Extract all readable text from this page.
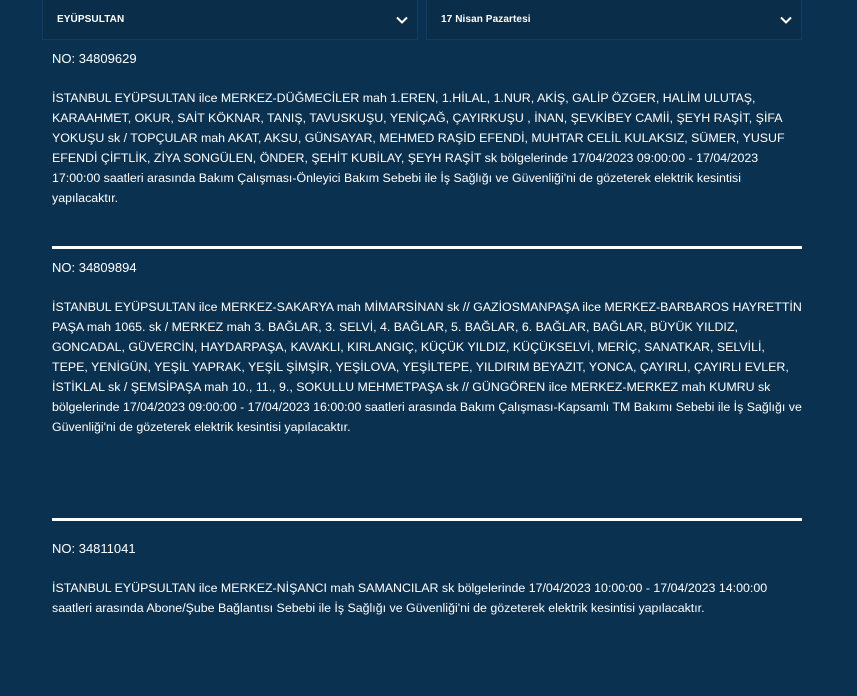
EYÜPSULTAN	17 Nisan Pazartesi
NO: 34809629

İSTANBUL EYÜPSULTAN ilce MERKEZ-DÜĞMECİLER mah 1.EREN, 1.HİLAL, 1.NUR, AKİŞ, GALİP ÖZGER, HALİM ULUTAŞ, KARAAHMET, OKUR, SAİT KÖKNAR, TANIŞ, TAVUSKUŞU, YENİÇAĞ, ÇAYIRKUŞU , İNAN, ŞEVKİBEY CAMİİ, ŞEYH RAŞİT, ŞİFA YOKUŞU sk / TOPÇULAR mah AKAT, AKSU, GÜNSAYAR, MEHMED RAŞİD EFENDİ, MUHTAR CELİL KULAKSIZ, SÜMER, YUSUF EFENDİ ÇİFTLİK, ZİYA SONGÜLEN, ÖNDER, ŞEHİT KUBİLAY, ŞEYH RAŞİT sk bölgelerinde 17/04/2023 09:00:00 - 17/04/2023 17:00:00 saatleri arasında Bakım Çalışması-Önleyici Bakım Sebebi ile İş Sağlığı ve Güvenliği'ni de gözeterek elektrik kesintisi yapılacaktır.

NO: 34809894

İSTANBUL EYÜPSULTAN ilce MERKEZ-SAKARYA mah MİMARSİNAN sk // GAZİOSMANPAŞA ilce MERKEZ-BARBAROS HAYRETTİN PAŞA mah 1065. sk / MERKEZ mah 3. BAĞLAR, 3. SELVİ, 4. BAĞLAR, 5. BAĞLAR, 6. BAĞLAR, BAĞLAR, BÜYÜK YILDIZ, GONCADAL, GÜVERCİN, HAYDARPAŞA, KAVAKLI, KIRLANGIÇ, KÜÇÜK YILDIZ, KÜÇÜKSELVİ, MERİÇ, SANATKAR, SELVİLİ, TEPE, YENİGÜN, YEŞİL YAPRAK, YEŞİL ŞİMŞİR, YEŞİLOVA, YEŞİLTEPE, YILDIRIM BEYAZIT, YONCA, ÇAYIRLI, ÇAYIRLI EVLER, İSTİKLAL sk / ŞEMSİPAŞA mah 10., 11., 9., SOKULLU MEHMETPAŞA sk // GÜNGÖREN ilce MERKEZ-MERKEZ mah KUMRU sk bölgelerinde 17/04/2023 09:00:00 - 17/04/2023 16:00:00 saatleri arasında Bakım Çalışması-Kapsamlı TM Bakımı Sebebi ile İş Sağlığı ve Güvenliği'ni de gözeterek elektrik kesintisi yapılacaktır.

NO: 34811041

İSTANBUL EYÜPSULTAN ilce MERKEZ-NİŞANCI mah SAMANCILAR sk bölgelerinde 17/04/2023 10:00:00 - 17/04/2023 14:00:00 saatleri arasında Abone/Şube Bağlantısı Sebebi ile İş Sağlığı ve Güvenliği'ni de gözeterek elektrik kesintisi yapılacaktır.
